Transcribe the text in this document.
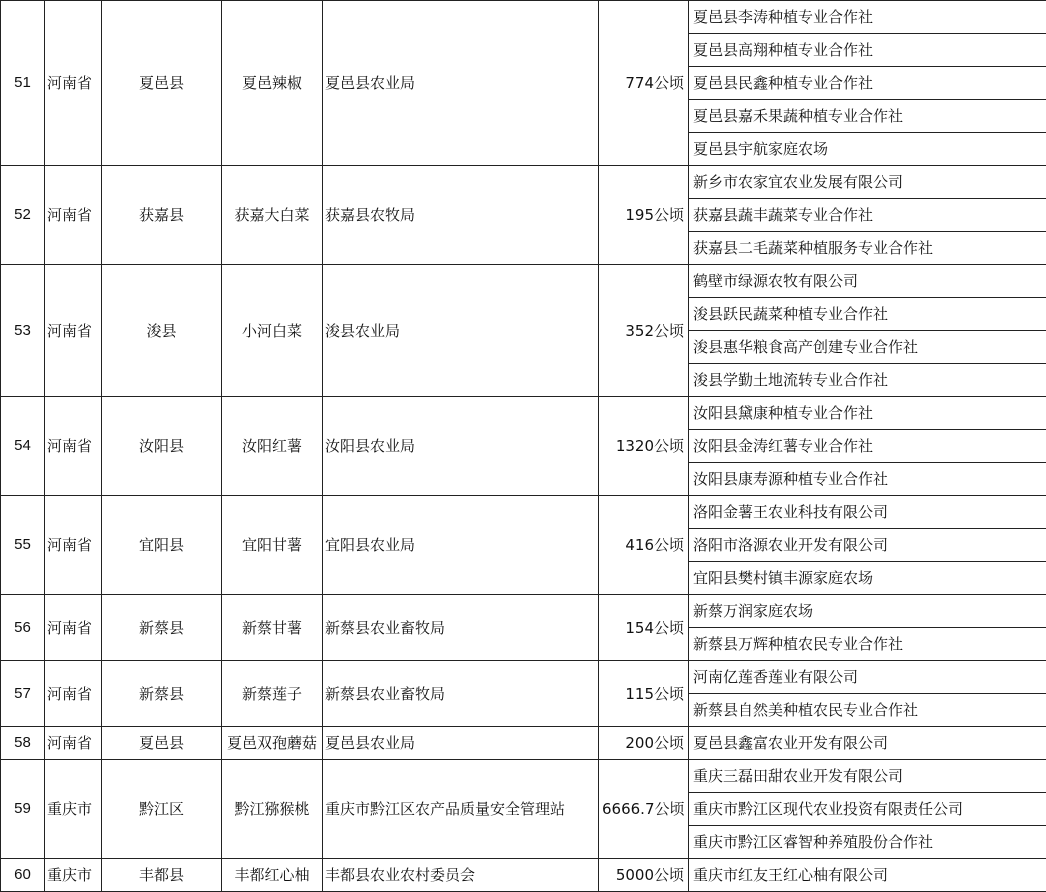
51	河南省	夏邑县	夏邑辣椒	夏邑县农业局	774公顷	夏邑县李涛种植专业合作社
						夏邑县高翔种植专业合作社
						夏邑县民鑫种植专业合作社
						夏邑县嘉禾果蔬种植专业合作社
						夏邑县宇航家庭农场
52	河南省	获嘉县	获嘉大白菜	获嘉县农牧局	195公顷	新乡市农家宜农业发展有限公司
						获嘉县蔬丰蔬菜专业合作社
						获嘉县二毛蔬菜种植服务专业合作社
53	河南省	浚县	小河白菜	浚县农业局	352公顷	鹤壁市绿源农牧有限公司
						浚县跃民蔬菜种植专业合作社
						浚县惠华粮食高产创建专业合作社
						浚县学勤土地流转专业合作社
54	河南省	汝阳县	汝阳红薯	汝阳县农业局	1320公顷	汝阳县黛康种植专业合作社
						汝阳县金涛红薯专业合作社
						汝阳县康寿源种植专业合作社
55	河南省	宜阳县	宜阳甘薯	宜阳县农业局	416公顷	洛阳金薯王农业科技有限公司
						洛阳市洛源农业开发有限公司
						宜阳县樊村镇丰源家庭农场
56	河南省	新蔡县	新蔡甘薯	新蔡县农业畜牧局	154公顷	新蔡万润家庭农场
						新蔡县万辉种植农民专业合作社
57	河南省	新蔡县	新蔡莲子	新蔡县农业畜牧局	115公顷	河南亿莲香莲业有限公司
						新蔡县自然美种植农民专业合作社
58	河南省	夏邑县	夏邑双孢蘑菇	夏邑县农业局	200公顷	夏邑县鑫富农业开发有限公司
59	重庆市	黔江区	黔江猕猴桃	重庆市黔江区农产品质量安全管理站	6666.7公顷	重庆三磊田甜农业开发有限公司
						重庆市黔江区现代农业投资有限责任公司
						重庆市黔江区睿智种养殖股份合作社
60	重庆市	丰都县	丰都红心柚	丰都县农业农村委员会	5000公顷	重庆市红友王红心柚有限公司
